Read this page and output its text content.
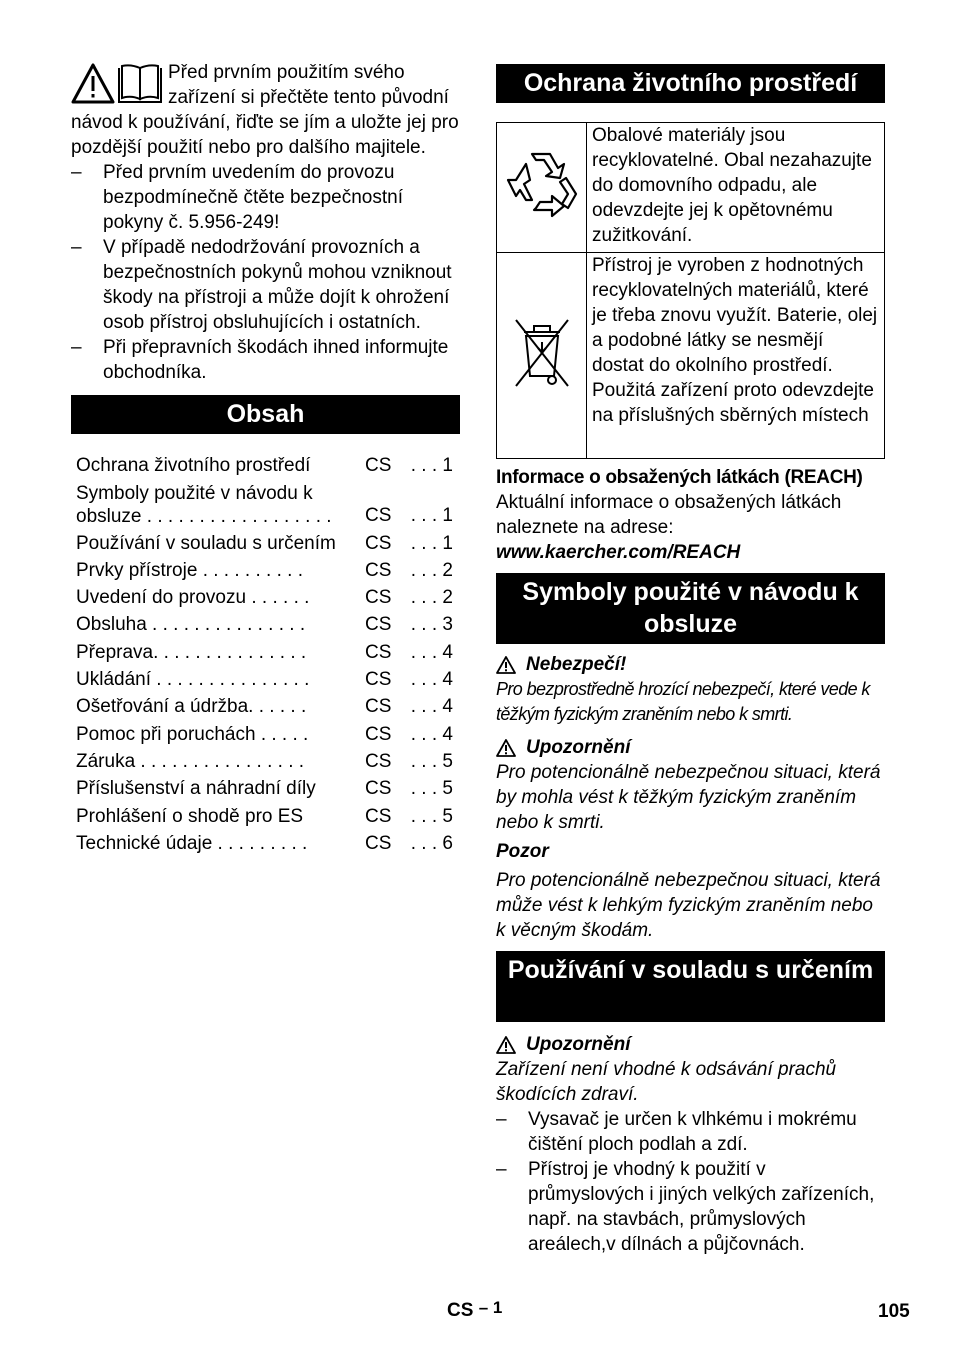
Před prvním použitím svého zařízení si přečtěte tento původní návod k používání, řiďte se jím a uložte jej pro pozdější použití nebo pro dalšího majitele.

– Před prvním uvedením do provozu bezpodmínečně čtěte bezpečnostní pokyny č. 5.956-249!
– V případě nedodržování provozních a bezpečnostních pokynů mohou vzniknout škody na přístroji a může dojít k ohrožení osob přístroj obsluhujících i ostatních.
– Při přepravních škodách ihned informujte obchodníka.
Obsah
Ochrana životního prostředí	CS	. . . 1
Symboly použité v návodu k obsluze . . . . . . . . . . . . . . . . . .	CS	. . . 1
Používání v souladu s určením	CS	. . . 1
Prvky přístroje . . . . . . . . . .	CS	. . . 2
Uvedení do provozu . . . . . .	CS	. . . 2
Obsluha . . . . . . . . . . . . . . .	CS	. . . 3
Přeprava. . . . . . . . . . . . . . .	CS	. . . 4
Ukládání . . . . . . . . . . . . . . .	CS	. . . 4
Ošetřování a údržba. . . . . .	CS	. . . 4
Pomoc při poruchách . . . . .	CS	. . . 4
Záruka . . . . . . . . . . . . . . . .	CS	. . . 5
Příslušenství a náhradní díly	CS	. . . 5
Prohlášení o shodě pro ES	CS	. . . 5
Technické údaje . . . . . . . . .	CS	. . . 6
Ochrana životního prostředí
	Obalové materiály jsou recyklovatelné. Obal nezahazujte do domovního odpadu, ale odevzdejte jej k opětovnému zužitkování.
	Přístroj je vyroben z hodnotných recyklovatelných materiálů, které je třeba znovu využít. Baterie, olej a podobné látky se nesmějí dostat do okolního prostředí. Použitá zařízení proto odevzdejte na příslušných sběrných místech
Informace o obsažených látkách (REACH)
Aktuální informace o obsažených látkách naleznete na adrese:
www.kaercher.com/REACH
Symboly použité v návodu k obsluze
Nebezpečí!
Pro bezprostředně hrozící nebezpečí, které vede k těžkým fyzickým zraněním nebo k smrti.
Upozornění
Pro potencionálně nebezpečnou situaci, která by mohla vést k těžkým fyzickým zraněním nebo k smrti.
Pozor
Pro potencionálně nebezpečnou situaci, která může vést k lehkým fyzickým zraněním nebo k věcným škodám.
Používání v souladu s určením
Upozornění
Zařízení není vhodné k odsávání prachů škodících zdraví.
– Vysavač je určen k vlhkému i mokrému čištění ploch podlah a zdí.
– Přístroj je vhodný k použití v průmyslových i jiných velkých zařízeních, např. na stavbách, průmyslových areálech,v dílnách a půjčovnách.
CS – 1	105
